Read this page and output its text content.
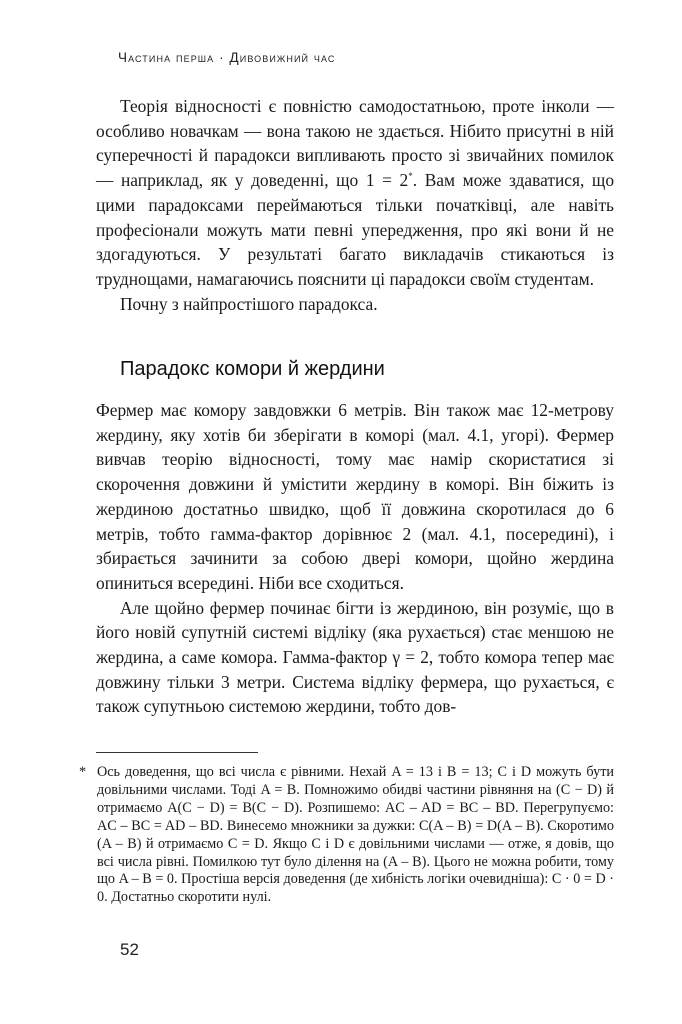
Частина перша · Дивовижний час

Теорія відносності є повністю самодостатньою, проте інколи — особливо новачкам — вона такою не здається. Нібито присутні в ній суперечності й парадокси випливають просто зі звичайних помилок — наприклад, як у доведенні, що 1 = 2*. Вам може здаватися, що цими парадоксами переймаються тільки початківці, але навіть професіонали можуть мати певні упередження, про які вони й не здогадуються. У результаті багато викладачів стикаються із труднощами, намагаючись пояснити ці парадокси своїм студентам.

Почну з найпростішого парадокса.

Парадокс комори й жердини

Фермер має комору завдовжки 6 метрів. Він також має 12-метрову жердину, яку хотів би зберігати в коморі (мал. 4.1, угорі). Фермер вивчав теорію відносності, тому має намір скористатися зі скорочення довжини й умістити жердину в коморі. Він біжить із жердиною достатньо швидко, щоб її довжина скоротилася до 6 метрів, тобто гамма-фактор дорівнює 2 (мал. 4.1, посередині), і збирається зачинити за собою двері комори, щойно жердина опиниться всередині. Ніби все сходиться.

Але щойно фермер починає бігти із жердиною, він розуміє, що в його новій супутній системі відліку (яка рухається) стає меншою не жердина, а саме комора. Гамма-фактор γ = 2, тобто комора тепер має довжину тільки 3 метри. Система відліку фермера, що рухається, є також супутньою системою жердини, тобто дов-

* Ось доведення, що всі числа є рівними. Нехай A = 13 і B = 13; C і D можуть бути довільними числами. Тоді A = B. Помножимо обидві частини рівняння на (C − D) й отримаємо A(C − D) = B(C − D). Розпишемо: AC – AD = BC – BD. Перегрупуємо: AC – BC = AD – BD. Винесемо множники за дужки: C(A – B) = D(A – B). Скоротимо (A – B) й отримаємо C = D. Якщо C і D є довільними числами — отже, я довів, що всі числа рівні. Помилкою тут було ділення на (A – B). Цього не можна робити, тому що A – B = 0. Простіша версія доведення (де хибність логіки очевидніша): C · 0 = D · 0. Достатньо скоротити нулі.
52
